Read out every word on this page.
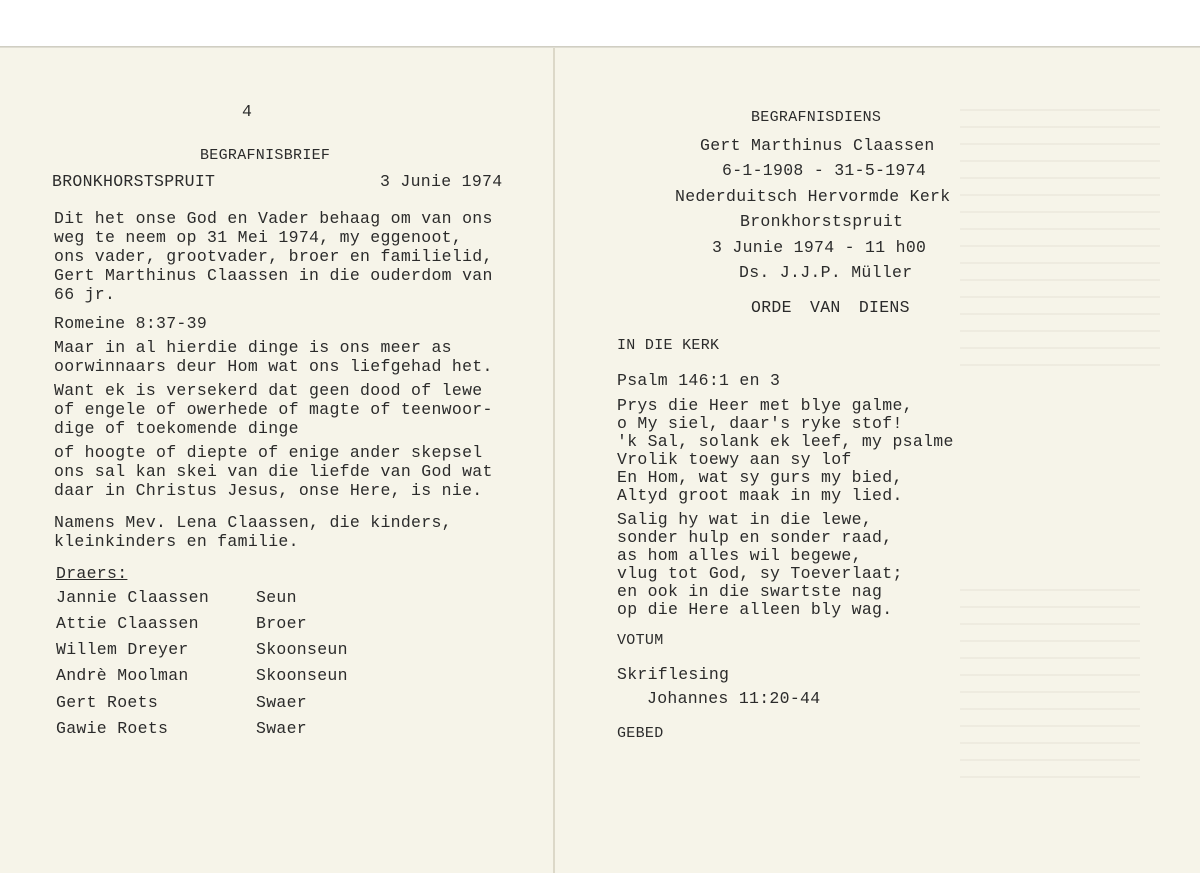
4
BEGRAFNISBRIEF
BRONKHORSTSPRUIT	3 Junie 1974
Dit het onse God en Vader behaag om van ons
weg te neem op 31 Mei 1974, my eggenoot,
ons vader, grootvader, broer en familielid,
Gert Marthinus Claassen in die ouderdom van
66 jr.
Romeine 8:37-39
Maar in al hierdie dinge is ons meer as
oorwinnaars deur Hom wat ons liefgehad het.
Want ek is versekerd dat geen dood of lewe
of engele of owerhede of magte of teenwoor-
dige of toekomende dinge
of hoogte of diepte of enige ander skepsel
ons sal kan skei van die liefde van God wat
daar in Christus Jesus, onse Here, is nie.
Namens Mev. Lena Claassen, die kinders,
kleinkinders en familie.
Draers:
Jannie Claassen	Seun
Attie Claassen	Broer
Willem Dreyer	Skoonseun
Andrè Moolman	Skoonseun
Gert Roets	Swaer
Gawie Roets	Swaer
BEGRAFNISDIENS
Gert Marthinus Claassen
6-1-1908 - 31-5-1974
Nederduitsch Hervormde Kerk
Bronkhorstspruit
3 Junie 1974 - 11 h00
Ds. J.J.P. Müller
ORDE VAN DIENS
IN DIE KERK
Psalm 146:1 en 3
Prys die Heer met blye galme,
o My siel, daar's ryke stof!
'k Sal, solank ek leef, my psalme
Vrolik toewy aan sy lof
En Hom, wat sy gurs my bied,
Altyd groot maak in my lied.
Salig hy wat in die lewe,
sonder hulp en sonder raad,
as hom alles wil begewe,
vlug tot God, sy Toeverlaat;
en ook in die swartste nag
op die Here alleen bly wag.
VOTUM
Skriflesing
Johannes 11:20-44
GEBED
